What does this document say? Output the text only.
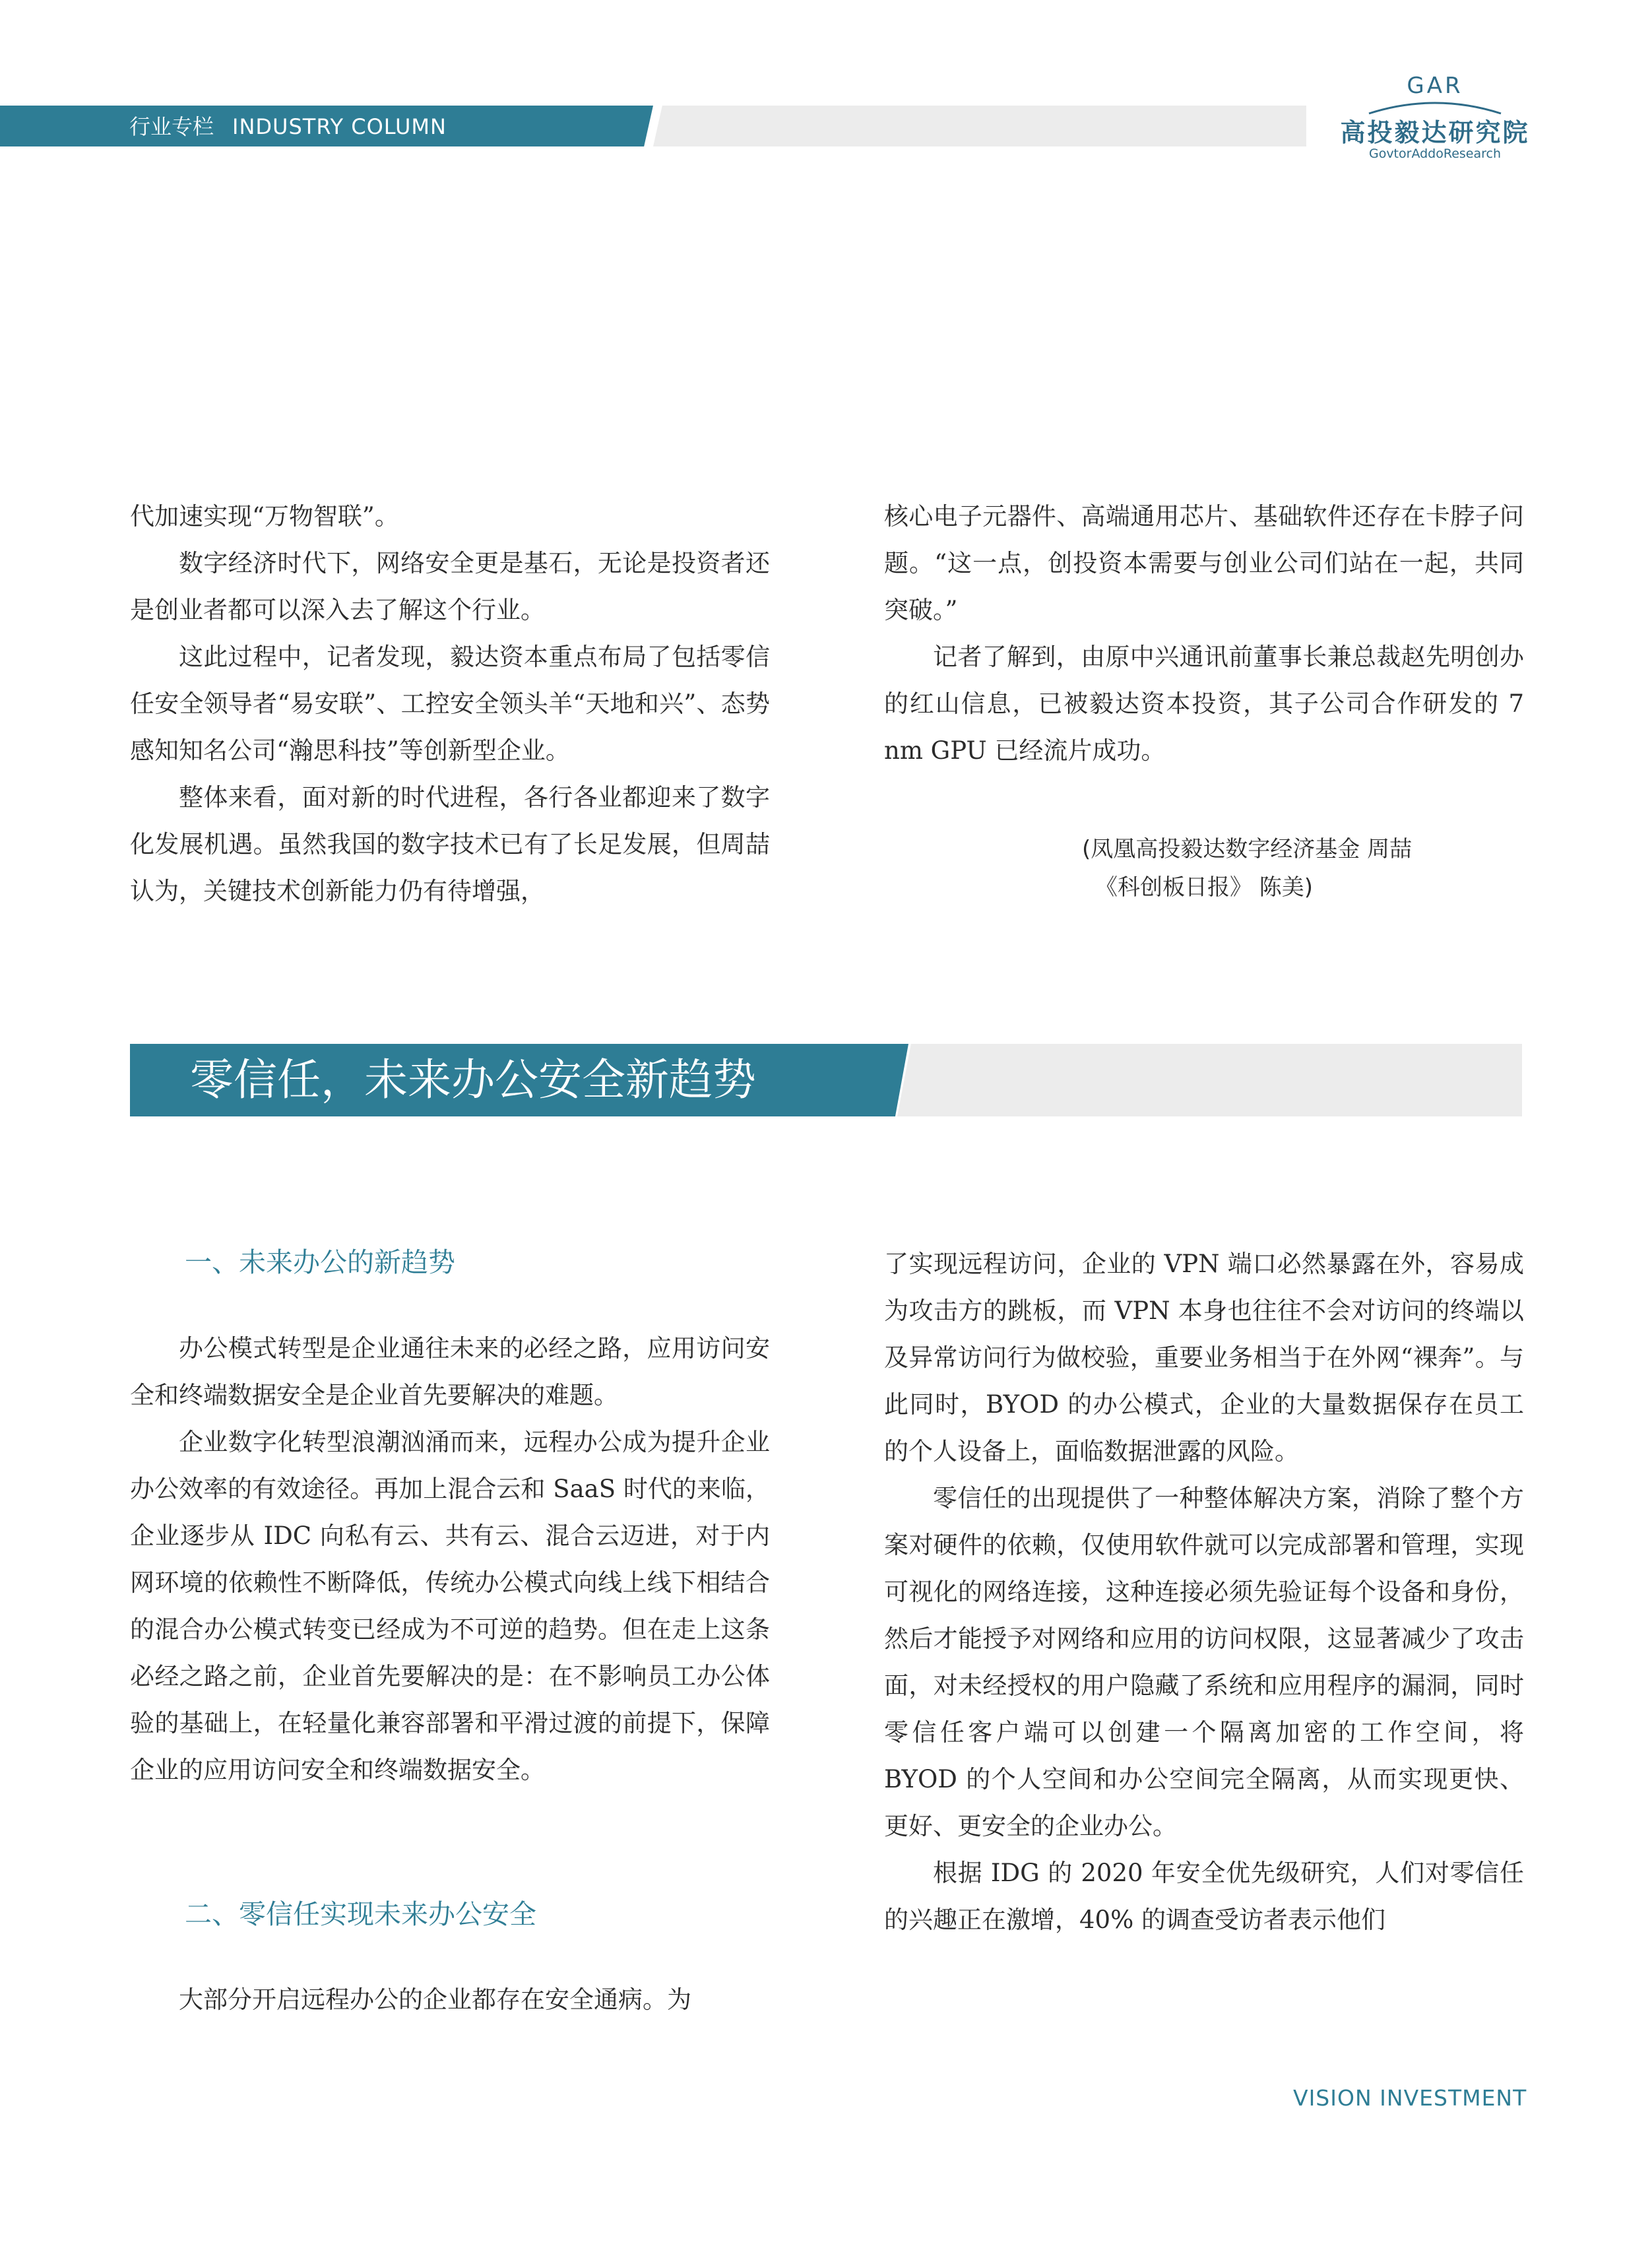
行业专栏 INDUSTRY COLUMN
GAR
高投毅达研究院
GovtorAddoResearch

代加速实现“万物智联”。

数字经济时代下，网络安全更是基石，无论是投资者还是创业者都可以深入去了解这个行业。

这此过程中，记者发现，毅达资本重点布局了包括零信任安全领导者“易安联”、工控安全领头羊“天地和兴”、态势感知知名公司“瀚思科技”等创新型企业。

整体来看，面对新的时代进程，各行各业都迎来了数字化发展机遇。虽然我国的数字技术已有了长足发展，但周喆认为，关键技术创新能力仍有待增强，

核心电子元器件、高端通用芯片、基础软件还存在卡脖子问题。“这一点，创投资本需要与创业公司们站在一起，共同突破。”

记者了解到，由原中兴通讯前董事长兼总裁赵先明创办的红山信息，已被毅达资本投资，其子公司合作研发的 7 nm GPU 已经流片成功。

(凤凰高投毅达数字经济基金 周喆
《科创板日报》 陈美)
零信任，未来办公安全新趋势
一、未来办公的新趋势

办公模式转型是企业通往未来的必经之路，应用访问安全和终端数据安全是企业首先要解决的难题。

企业数字化转型浪潮汹涌而来，远程办公成为提升企业办公效率的有效途径。再加上混合云和 SaaS 时代的来临，企业逐步从 IDC 向私有云、共有云、混合云迈进，对于内网环境的依赖性不断降低，传统办公模式向线上线下相结合的混合办公模式转变已经成为不可逆的趋势。但在走上这条必经之路之前，企业首先要解决的是：在不影响员工办公体验的基础上，在轻量化兼容部署和平滑过渡的前提下，保障企业的应用访问安全和终端数据安全。

二、零信任实现未来办公安全

大部分开启远程办公的企业都存在安全通病。为

了实现远程访问，企业的 VPN 端口必然暴露在外，容易成为攻击方的跳板，而 VPN 本身也往往不会对访问的终端以及异常访问行为做校验，重要业务相当于在外网“裸奔”。与此同时，BYOD 的办公模式，企业的大量数据保存在员工的个人设备上，面临数据泄露的风险。

零信任的出现提供了一种整体解决方案，消除了整个方案对硬件的依赖，仅使用软件就可以完成部署和管理，实现可视化的网络连接，这种连接必须先验证每个设备和身份，然后才能授予对网络和应用的访问权限，这显著减少了攻击面，对未经授权的用户隐藏了系统和应用程序的漏洞，同时零信任客户端可以创建一个隔离加密的工作空间，将 BYOD 的个人空间和办公空间完全隔离，从而实现更快、更好、更安全的企业办公。

根据 IDG 的 2020 年安全优先级研究，人们对零信任的兴趣正在激增，40% 的调查受访者表示他们

VISION INVESTMENT
